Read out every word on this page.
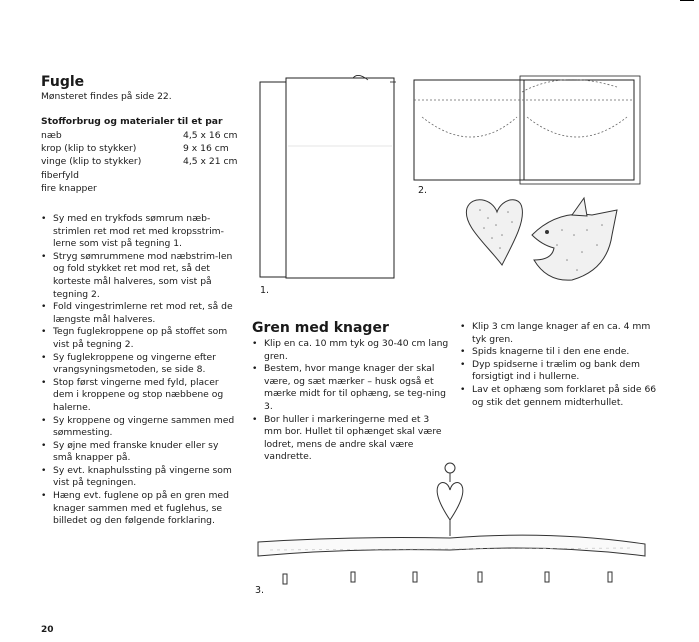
Fugle
Mønsteret findes på side 22.
Stofforbrug og materialer til et par
næb	4,5 x 16 cm
krop (klip to stykker)	9 x 16 cm
vinge (klip to stykker)	4,5 x 21 cm
fiberfyld	
fire knapper	
• Sy med en trykfods sømrum næb-strimlen ret mod ret med kropsstrim-lerne som vist på tegning 1.
• Stryg sømrummene mod næbstrim-len og fold stykket ret mod ret, så det korteste mål halveres, som vist på tegning 2.
• Fold vingestrimlerne ret mod ret, så de længste mål halveres.
• Tegn fuglekroppene op på stoffet som vist på tegning 2.
• Sy fuglekroppene og vingerne efter vrangsyningsmetoden, se side 8.
• Stop først vingerne med fyld, placer dem i kroppene og stop næbbene og halerne.
• Sy kroppene og vingerne sammen med sømmesting.
• Sy øjne med franske knuder eller sy små knapper på.
• Sy evt. knaphulssting på vingerne som vist på tegningen.
• Hæng evt. fuglene op på en gren med knager sammen med et fuglehus, se billedet og den følgende forklaring.
20
1.
2.
Gren med knager
• Klip en ca. 10 mm tyk og 30-40 cm lang gren.
• Bestem, hvor mange knager der skal være, og sæt mærker – husk også et mærke midt for til ophæng, se teg-ning 3.
• Bor huller i markeringerne med et 3 mm bor. Hullet til ophænget skal være lodret, mens de andre skal være vandrette.
• Klip 3 cm lange knager af en ca. 4 mm tyk gren.
• Spids knagerne til i den ene ende.
• Dyp spidserne i trælim og bank dem forsigtigt ind i hullerne.
• Lav et ophæng som forklaret på side 66 og stik det gennem midterhullet.
3.
